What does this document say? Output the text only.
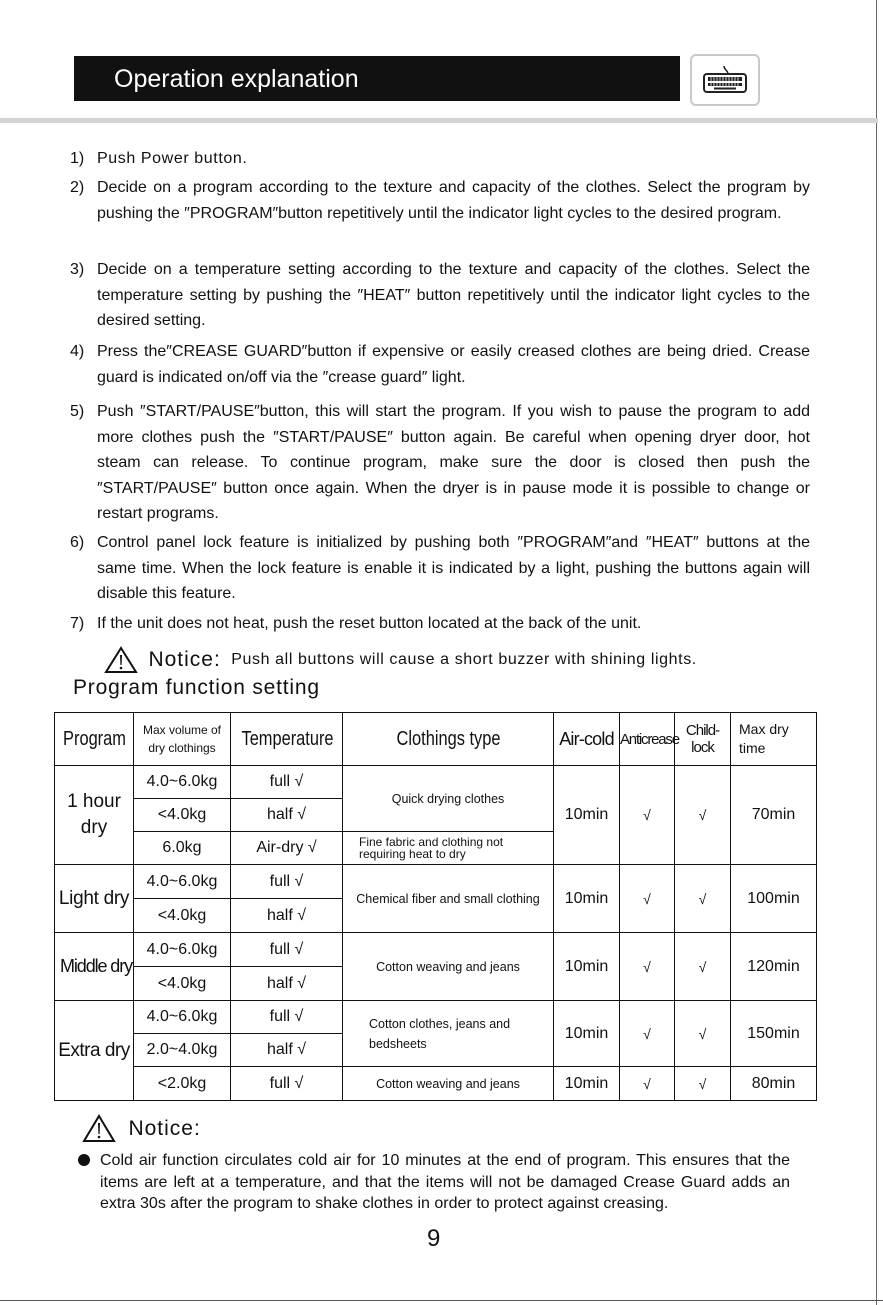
Operation explanation
1) Push Power button.
2) Decide on a program according to the texture and capacity of the clothes. Select the program by pushing the ″PROGRAM″button repetitively until the indicator light cycles to the desired program.
3) Decide on a temperature setting according to the texture and capacity of the clothes. Select the temperature setting by pushing the ″HEAT″ button repetitively until the indicator light cycles to the desired setting.
4) Press the″CREASE GUARD″button if expensive or easily creased clothes are being dried. Crease guard is indicated on/off via the ″crease guard″ light.
5) Push ″START/PAUSE″button, this will start the program. If you wish to pause the program to add more clothes push the ″START/PAUSE″ button again. Be careful when opening dryer door, hot steam can release. To continue program, make sure the door is closed then push the ″START/PAUSE″ button once again. When the dryer is in pause mode it is possible to change or restart programs.
6) Control panel lock feature is initialized by pushing both ″PROGRAM″and ″HEAT″ buttons at the same time. When the lock feature is enable it is indicated by a light, pushing the buttons again will disable this feature.
7) If the unit does not heat, push the reset button located at the back of the unit.
Notice: Push all buttons will cause a short buzzer with shining lights.
Program function setting
Program	Max volume of dry clothings	Temperature	Clothings type	Air-cold	Anticrease	Child-lock	Max dry time
1 hour dry	4.0~6.0kg	full √	Quick drying clothes	10min	√	√	70min
	<4.0kg	half √					
	6.0kg	Air-dry √	Fine fabric and clothing not requiring heat to dry				
Light dry	4.0~6.0kg	full √	Chemical fiber and small clothing	10min	√	√	100min
	<4.0kg	half √					
Middle dry	4.0~6.0kg	full √	Cotton weaving and jeans	10min	√	√	120min
	<4.0kg	half √					
Extra dry	4.0~6.0kg	full √	Cotton clothes, jeans and bedsheets	10min	√	√	150min
	2.0~4.0kg	half √					
	<2.0kg	full √	Cotton weaving and jeans	10min	√	√	80min
Notice:
Cold air function circulates cold air for 10 minutes at the end of program. This ensures that the items are left at a temperature, and that the items will not be damaged Crease Guard adds an extra 30s after the program to shake clothes in order to protect against creasing.
9
